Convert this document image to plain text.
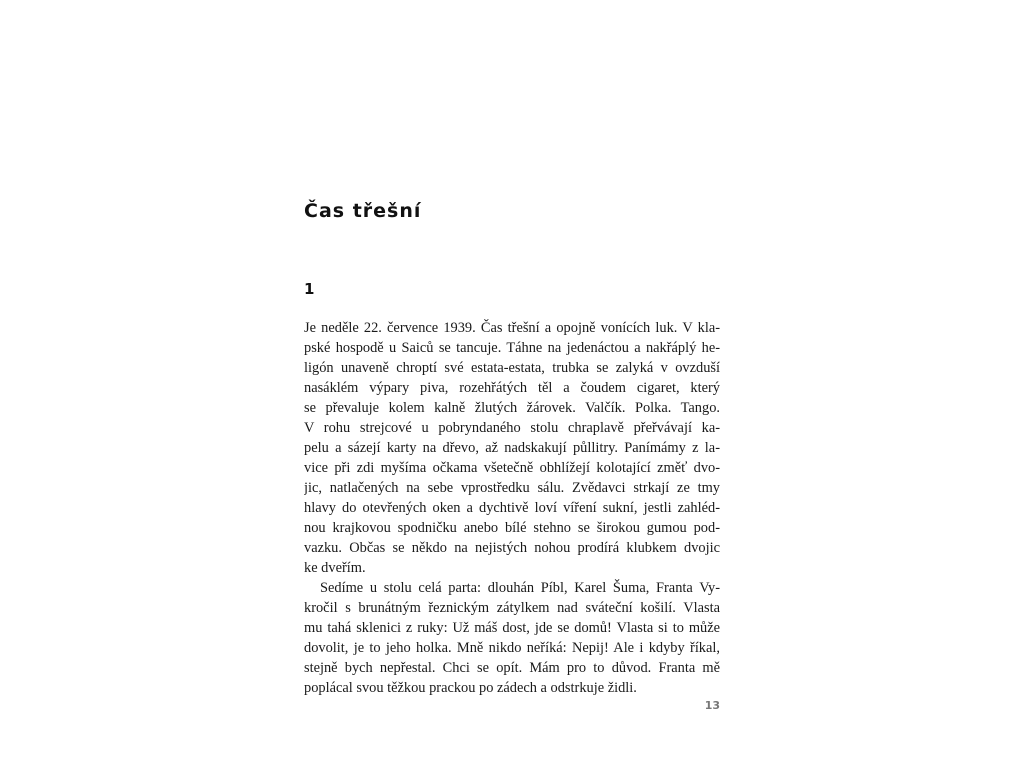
Čas třešní
1
Je neděle 22. července 1939. Čas třešní a opojně vonících luk. V kla-
pské hospodě u Saiců se tancuje. Táhne na jedenáctou a nakřáplý he-
ligón unaveně chroptí své estata-estata, trubka se zalyká v ovzduší
nasáklém výpary piva, rozehřátých těl a čoudem cigaret, který
se převaluje kolem kalně žlutých žárovek. Valčík. Polka. Tango.
V rohu strejcové u pobryndaného stolu chraplavě přeřvávají ka-
pelu a sázejí karty na dřevo, až nadskakují půllitry. Panímámy z la-
vice při zdi myšíma očkama všetečně obhlížejí kolotající změť dvo-
jic, natlačených na sebe vprostředku sálu. Zvědavci strkají ze tmy
hlavy do otevřených oken a dychtivě loví víření sukní, jestli zahléd-
nou krajkovou spodničku anebo bílé stehno se širokou gumou pod-
vazku. Občas se někdo na nejistých nohou prodírá klubkem dvojic
ke dveřím.
Sedíme u stolu celá parta: dlouhán Píbl, Karel Šuma, Franta Vy-
kročil s brunátným řeznickým zátylkem nad sváteční košilí. Vlasta
mu tahá sklenici z ruky: Už máš dost, jde se domů! Vlasta si to může
dovolit, je to jeho holka. Mně nikdo neříká: Nepij! Ale i kdyby říkal,
stejně bych nepřestal. Chci se opít. Mám pro to důvod. Franta mě
poplácal svou těžkou prackou po zádech a odstrkuje židli.
13
